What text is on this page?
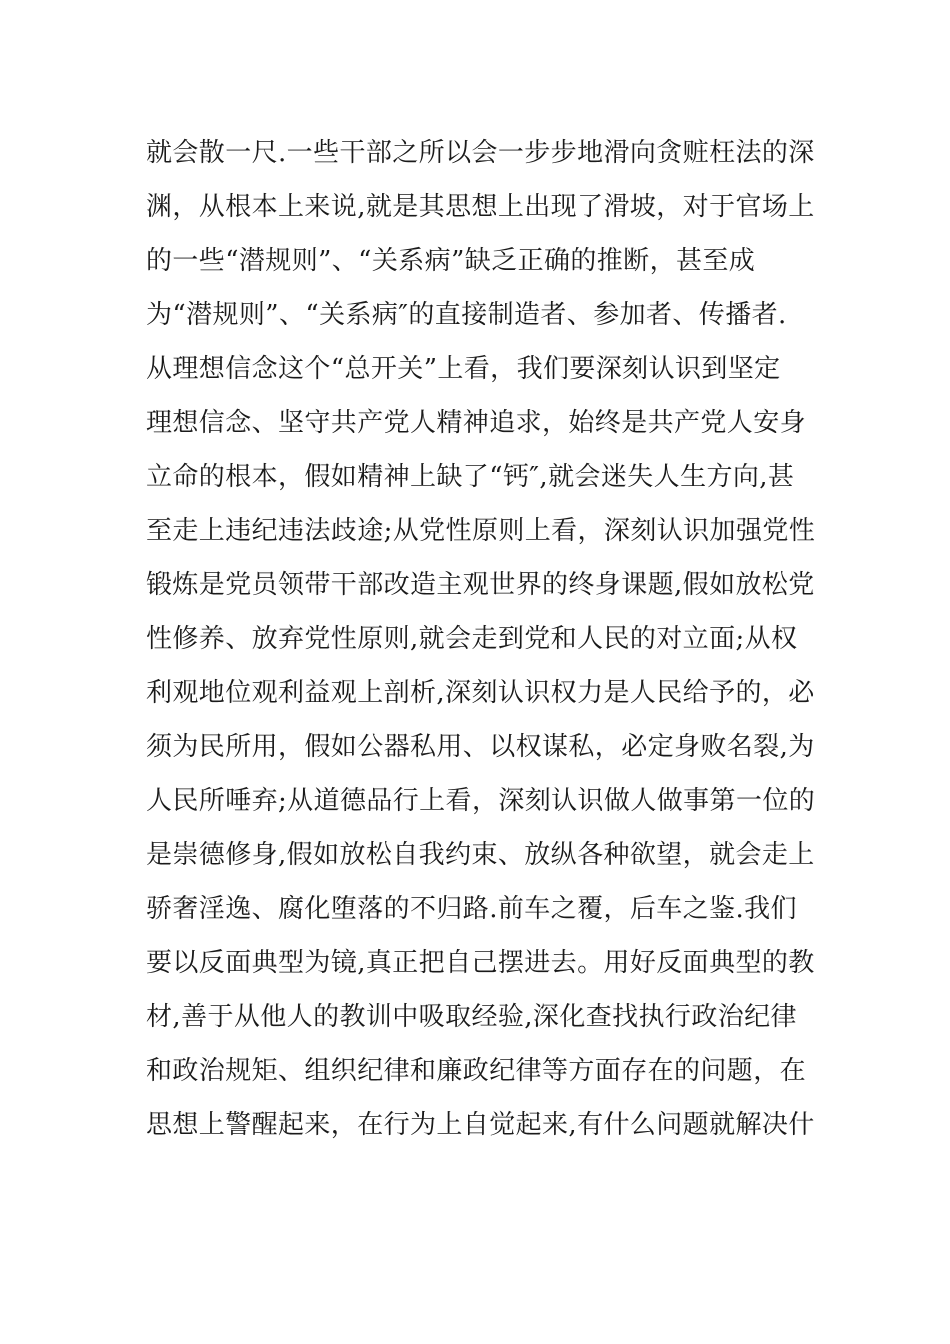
就会散一尺.一些干部之所以会一步步地滑向贪赃枉法的深
渊，从根本上来说,就是其思想上出现了滑坡，对于官场上
的一些“潜规则”、“关系病”缺乏正确的推断，甚至成
为“潜规则”、“关系病″的直接制造者、参加者、传播者.
从理想信念这个“总开关”上看，我们要深刻认识到坚定
理想信念、坚守共产党人精神追求，始终是共产党人安身
立命的根本，假如精神上缺了“钙″,就会迷失人生方向,甚
至走上违纪违法歧途;从党性原则上看，深刻认识加强党性
锻炼是党员领带干部改造主观世界的终身课题,假如放松党
性修养、放弃党性原则,就会走到党和人民的对立面;从权
利观地位观利益观上剖析,深刻认识权力是人民给予的，必
须为民所用，假如公器私用、以权谋私，必定身败名裂,为
人民所唾弃;从道德品行上看，深刻认识做人做事第一位的
是崇德修身,假如放松自我约束、放纵各种欲望，就会走上
骄奢淫逸、腐化堕落的不归路.前车之覆，后车之鉴.我们
要以反面典型为镜,真正把自己摆进去。用好反面典型的教
材,善于从他人的教训中吸取经验,深化查找执行政治纪律
和政治规矩、组织纪律和廉政纪律等方面存在的问题，在
思想上警醒起来，在行为上自觉起来,有什么问题就解决什
